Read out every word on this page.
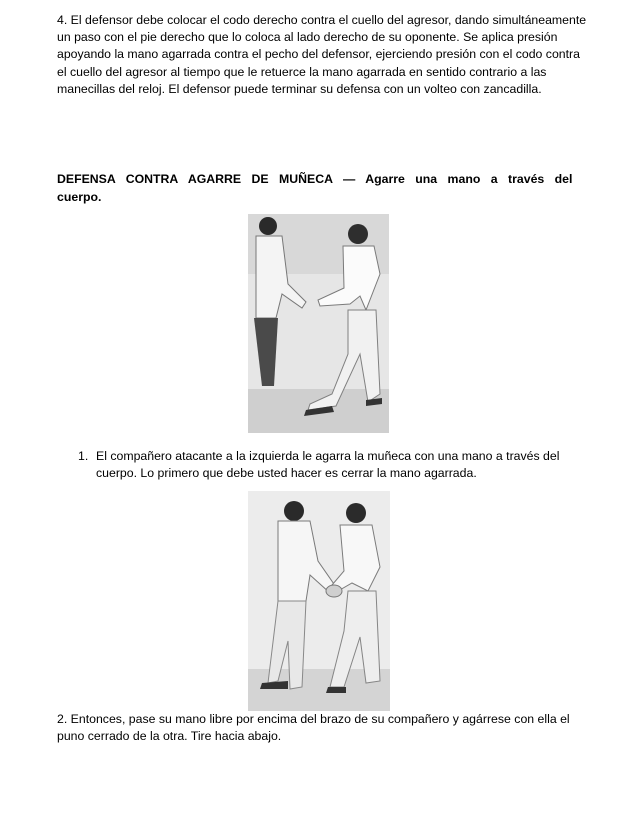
4. El defensor debe colocar el codo derecho contra el cuello del agresor, dando simultáneamente un paso con el pie derecho que lo coloca al lado derecho de su oponente. Se aplica presión apoyando la mano agarrada contra el pecho del defensor, ejerciendo presión con el codo contra el cuello del agresor al tiempo que le retuerce la mano agarrada en sentido contrario a las manecillas del reloj. El defensor puede terminar su defensa con un volteo con zancadilla.

DEFENSA CONTRA AGARRE DE MUÑECA — Agarre una mano a través del cuerpo.

1. El compañero atacante a la izquierda le agarra la muñeca con una mano a través del cuerpo. Lo primero que debe usted hacer es cerrar la mano agarrada.

2. Entonces, pase su mano libre por encima del brazo de su compañero y agárrese con ella el puno cerrado de la otra. Tire hacia abajo.
